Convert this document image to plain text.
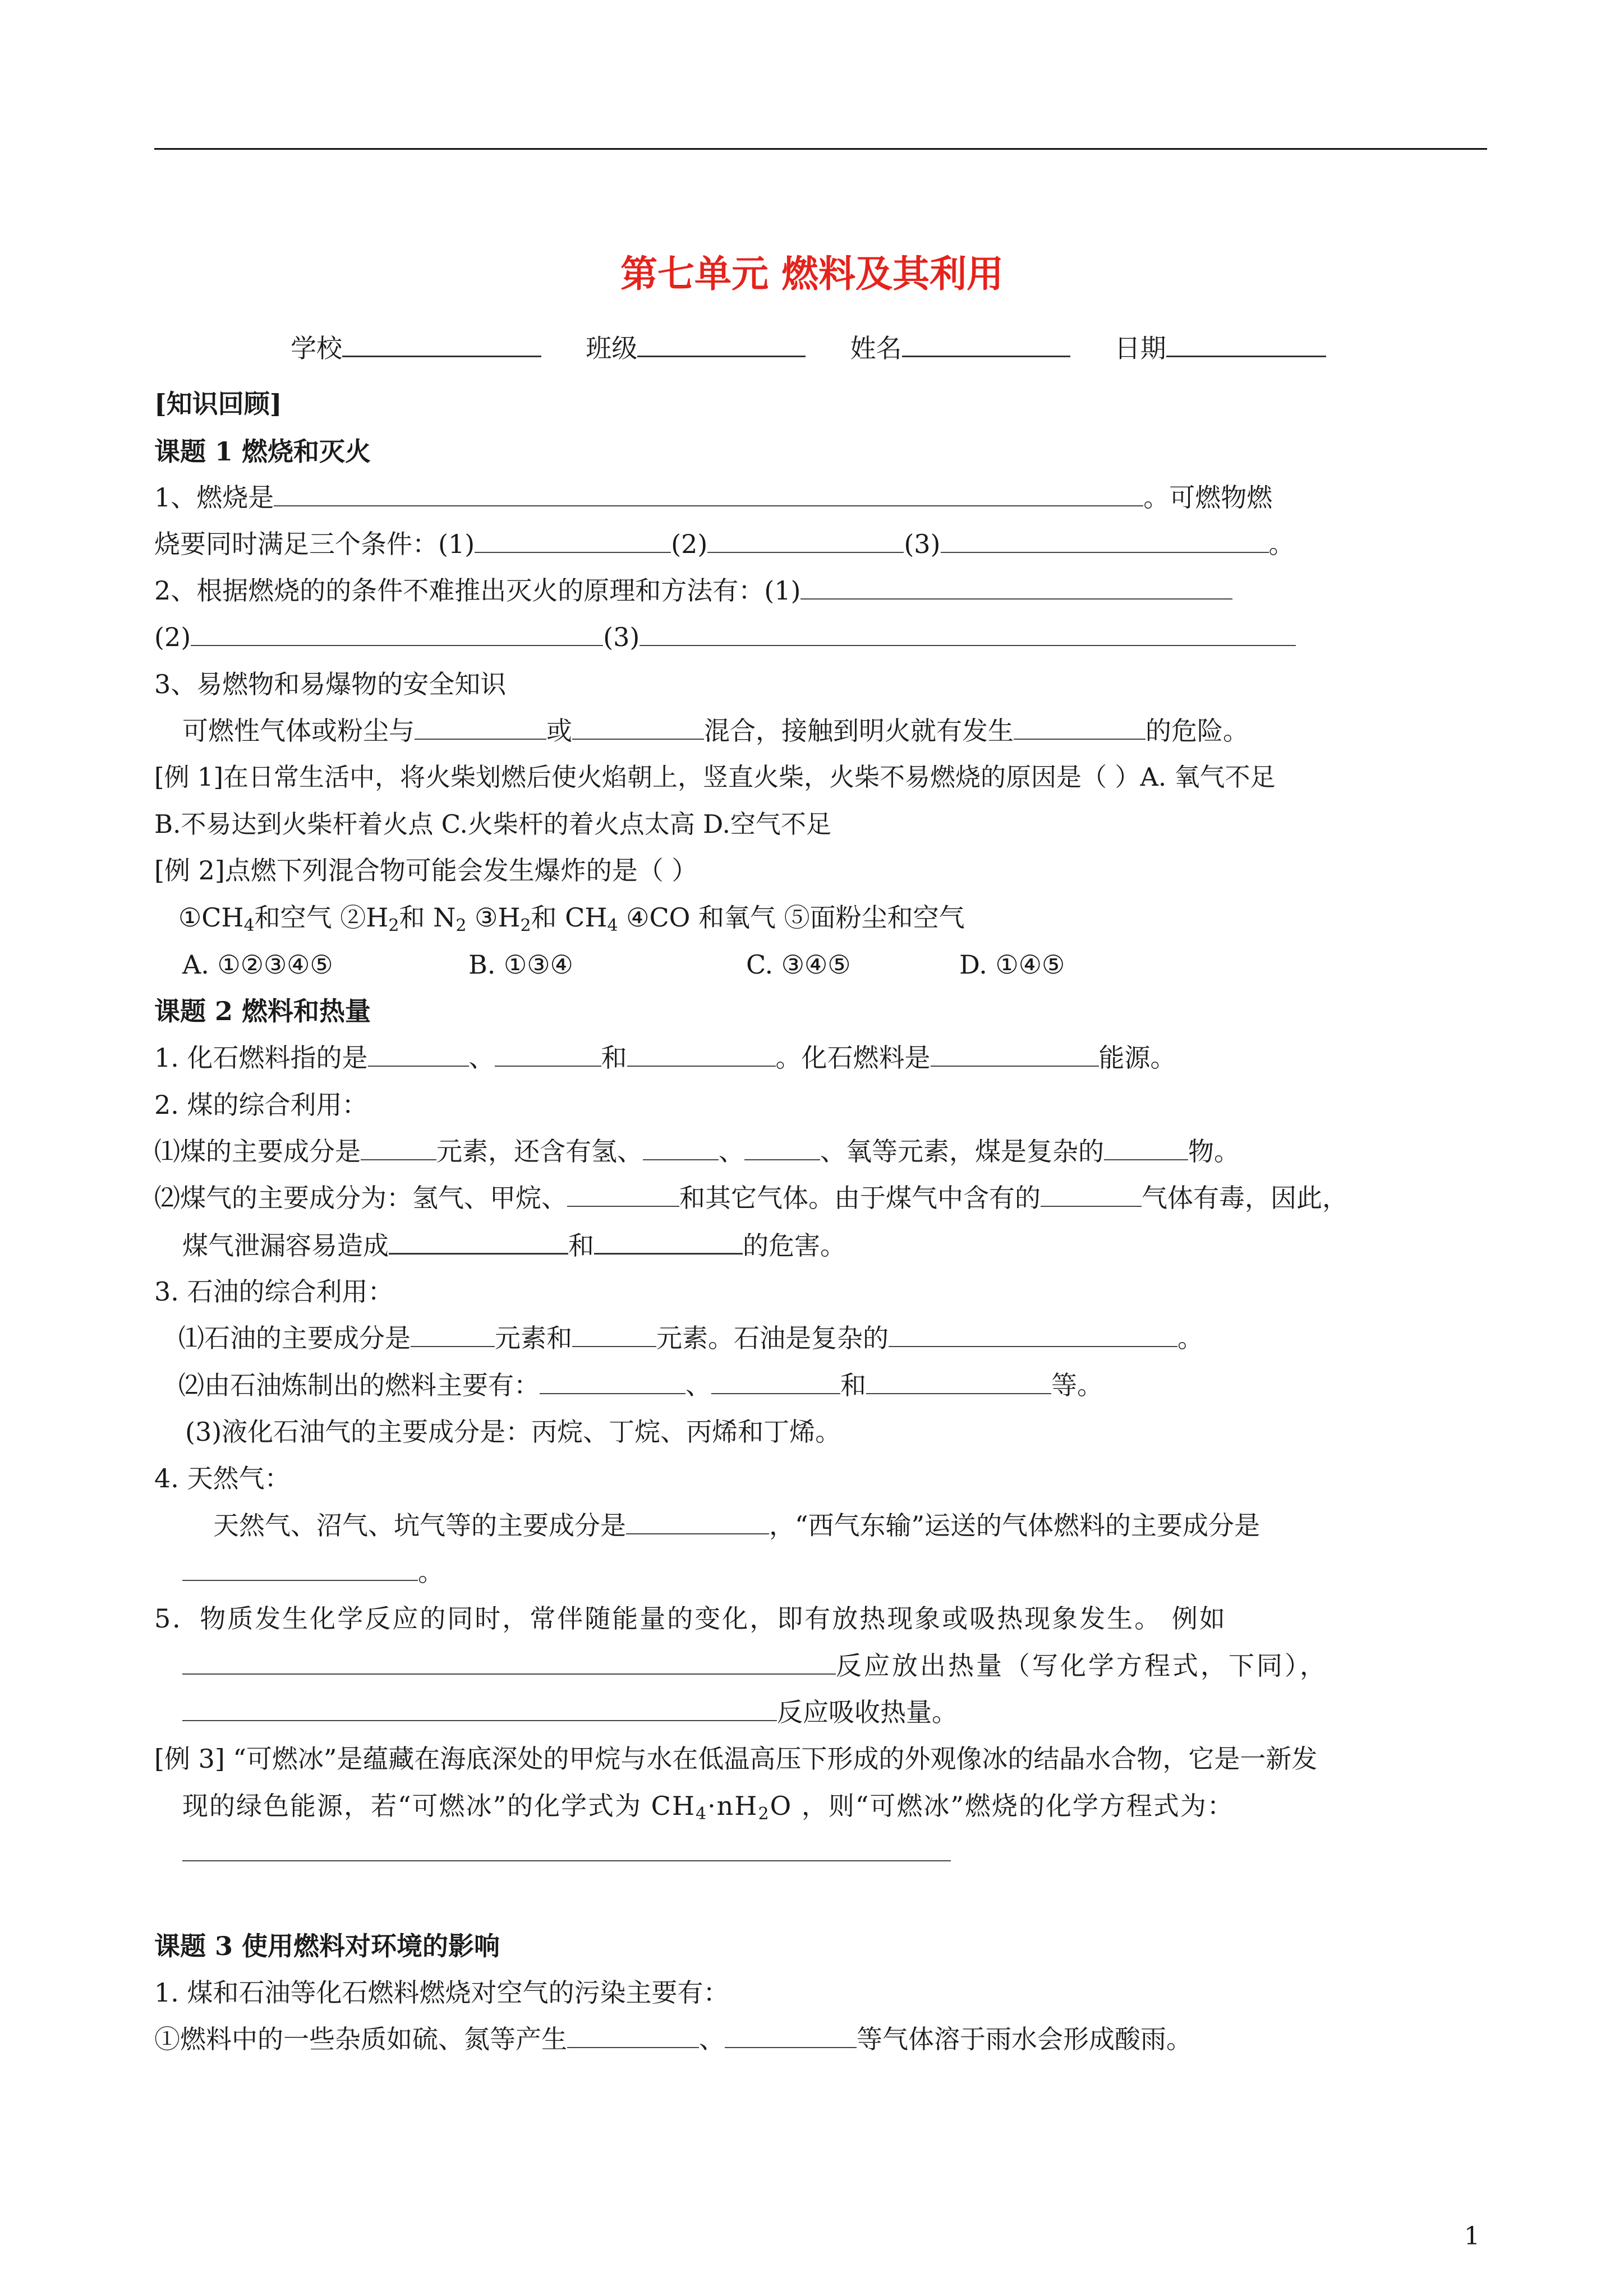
第七单元 燃料及其利用
学校	班级	姓名	日期
[知识回顾]
课题 1 燃烧和灭火
1、燃烧是	。可燃物燃
烧要同时满足三个条件：(1)	(2)	(3)	。
2、根据燃烧的的条件不难推出灭火的原理和方法有：(1)
(2)	(3)
3、易燃物和易爆物的安全知识
可燃性气体或粉尘与	或	混合，接触到明火就有发生	的危险。
[例 1]在日常生活中，将火柴划燃后使火焰朝上，竖直火柴，火柴不易燃烧的原因是（ ）A. 氧气不足
B.不易达到火柴杆着火点 C.火柴杆的着火点太高 D.空气不足
[例 2]点燃下列混合物可能会发生爆炸的是（ ）
$①CH_4$和空气 $②H_2$和 $N_2$ $③H_2$和 $CH_4$ ④CO 和氧气 ⑤面粉尘和空气
A. ①②③④⑤	B. ①③④	C. ③④⑤	D. ①④⑤
课题 2 燃料和热量
1. 化石燃料指的是	、	和	。化石燃料是	能源。
2. 煤的综合利用：
⑴煤的主要成分是	元素，还含有氢、	、	、氧等元素，煤是复杂的	物。
⑵煤气的主要成分为：氢气、甲烷、	和其它气体。由于煤气中含有的	气体有毒，因此，
煤气泄漏容易造成	和	的危害。
3. 石油的综合利用：
⑴石油的主要成分是	元素和	元素。石油是复杂的	。
⑵由石油炼制出的燃料主要有：	、	和	等。
(3)液化石油气的主要成分是：丙烷、丁烷、丙烯和丁烯。
4. 天然气：
天然气、沼气、坑气等的主要成分是	，“西气东输”运送的气体燃料的主要成分是
。
5．物质发生化学反应的同时，常伴随能量的变化，即有放热现象或吸热现象发生。 例如
反应放出热量（写化学方程式，下同），
反应吸收热量。
[例 3] “可燃冰”是蕴藏在海底深处的甲烷与水在低温高压下形成的外观像冰的结晶水合物，它是一新发
现的绿色能源，若“可燃冰”的化学式为 $CH_4\cdot nH_2O$ ，则“可燃冰”燃烧的化学方程式为：
课题 3 使用燃料对环境的影响
1. 煤和石油等化石燃料燃烧对空气的污染主要有：
①燃料中的一些杂质如硫、氮等产生	、	等气体溶于雨水会形成酸雨。
1
